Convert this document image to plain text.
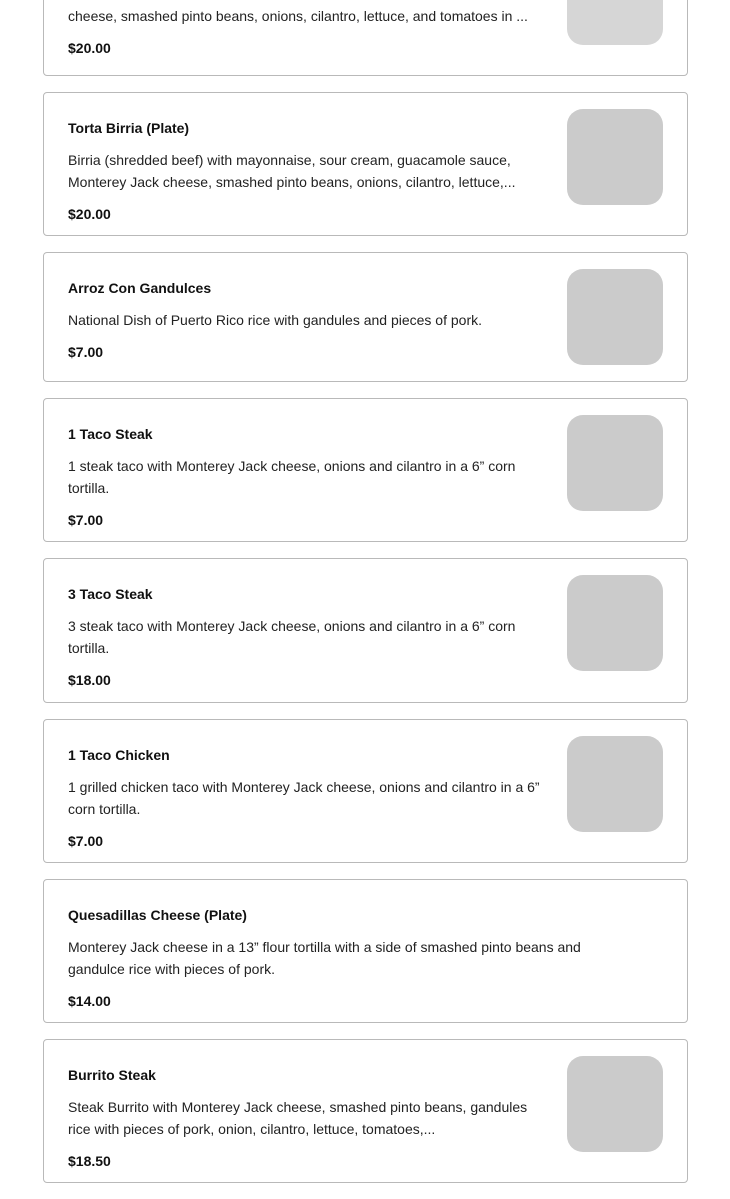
cheese, smashed pinto beans, onions, cilantro, lettuce, and tomatoes in ...
$20.00
Torta Birria (Plate)
Birria (shredded beef) with mayonnaise, sour cream, guacamole sauce, Monterey Jack cheese, smashed pinto beans, onions, cilantro, lettuce,...
$20.00
Arroz Con Gandulces
National Dish of Puerto Rico rice with gandules and pieces of pork.
$7.00
1 Taco Steak
1 steak taco with Monterey Jack cheese, onions and cilantro in a 6” corn tortilla.
$7.00
3 Taco Steak
3 steak taco with Monterey Jack cheese, onions and cilantro in a 6” corn tortilla.
$18.00
1 Taco Chicken
1 grilled chicken taco with Monterey Jack cheese, onions and cilantro in a 6” corn tortilla.
$7.00
Quesadillas Cheese (Plate)
Monterey Jack cheese in a 13” flour tortilla with a side of smashed pinto beans and gandulce rice with pieces of pork.
$14.00
Burrito Steak
Steak Burrito with Monterey Jack cheese, smashed pinto beans, gandules rice with pieces of pork, onion, cilantro, lettuce, tomatoes,...
$18.50
